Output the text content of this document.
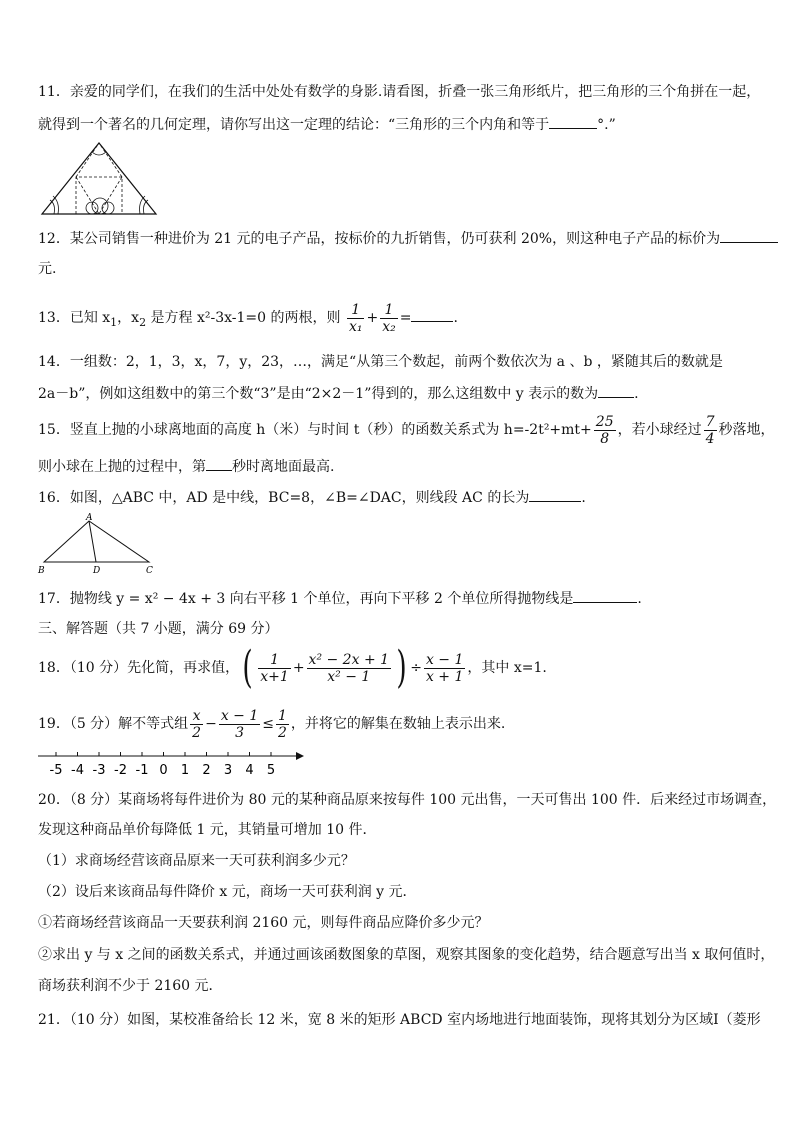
11．亲爱的同学们，在我们的生活中处处有数学的身影.请看图，折叠一张三角形纸片，把三角形的三个角拼在一起，
就得到一个著名的几何定理，请你写出这一定理的结论：“三角形的三个内角和等于	°.”
12．某公司销售一种进价为 21 元的电子产品，按标价的九折销售，仍可获利 20%，则这种电子产品的标价为
元.
13．已知 $x_1$，$x_2$ 是方程 x²-3x-1=0 的两根，则 $\frac{1}{\text{x₁}} + \frac{1}{\text{x₂}}$ =	.
14．一组数：2，1，3，x，7，y，23，…，满足“从第三个数起，前两个数依次为 a 、b ，紧随其后的数就是
2a－b”，例如这组数中的第三个数“3”是由“2×2－1”得到的，那么这组数中 y 表示的数为	.
15．竖直上抛的小球离地面的高度 h（米）与时间 t（秒）的函数关系式为 $h=-2t^2+mt+ \frac{25}{8}$ ，若小球经过 $\frac{7}{4}$ 秒落地，
则小球在上抛的过程中，第 秒时离地面最高.
16．如图，△ABC 中，AD 是中线，BC=8，∠B=∠DAC，则线段 AC 的长为	.
A
B	D	C
17．抛物线 y = x² − 4x + 3 向右平移 1 个单位，再向下平移 2 个单位所得抛物线是	.
三、解答题（共 7 小题，满分 69 分）
18．（10 分）先化简，再求值，( $\frac{1}{x+1} + \frac{\text{x² − 2x + 1}}{\text{x² − 1}}$ ) ÷ $\frac{x - 1}{x + 1}$ ，其中 x=1.
19．（5 分）解不等式组 $\frac{x}{2} - \frac{x - 1}{3} \le \frac{1}{2}$ ，并将它的解集在数轴上表示出来.
-5 -4 -3 -2 -1 0 1 2 3 4 5
20．（8 分）某商场将每件进价为 80 元的某种商品原来按每件 100 元出售，一天可售出 100 件．后来经过市场调查，
发现这种商品单价每降低 1 元，其销量可增加 10 件．
（1）求商场经营该商品原来一天可获利润多少元？
（2）设后来该商品每件降价 x 元，商场一天可获利润 y 元．
①若商场经营该商品一天要获利润 2160 元，则每件商品应降价多少元？
②求出 y 与 x 之间的函数关系式，并通过画该函数图象的草图，观察其图象的变化趋势，结合题意写出当 x 取何值时，
商场获利润不少于 2160 元．
21．（10 分）如图，某校准备给长 12 米，宽 8 米的矩形 ABCD 室内场地进行地面装饰，现将其划分为区域Ⅰ（菱形
